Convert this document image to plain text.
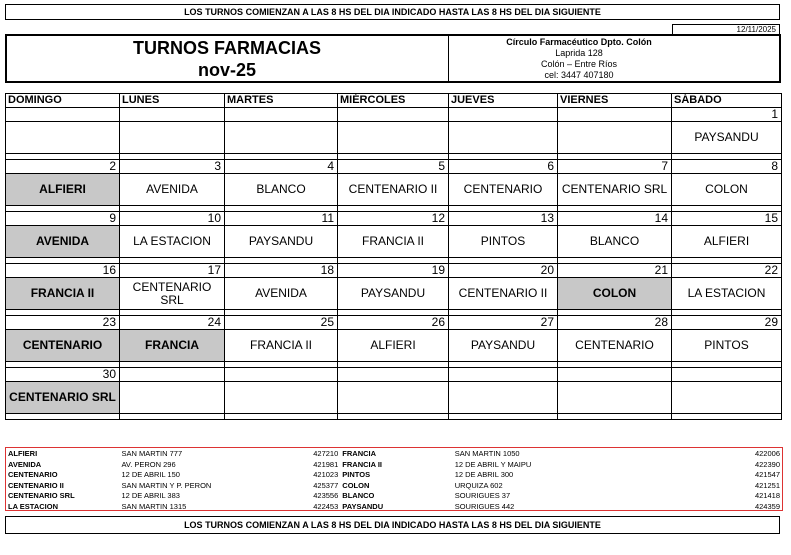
LOS TURNOS COMIENZAN A LAS 8 HS DEL DIA INDICADO HASTA LAS 8 HS DEL DIA SIGUIENTE
12/11/2025
TURNOS FARMACIAS
nov-25
Círculo Farmacéutico Dpto. Colón
Laprida 128
Colón – Entre Ríos
cel: 3447 407180
DOMINGO	LUNES	MARTES	MIÉRCOLES	JUEVES	VIERNES	SÁBADO
						1
						PAYSANDU

2	3	4	5	6	7	8
ALFIERI	AVENIDA	BLANCO	CENTENARIO II	CENTENARIO	CENTENARIO SRL	COLON

9	10	11	12	13	14	15
AVENIDA	LA ESTACION	PAYSANDU	FRANCIA II	PINTOS	BLANCO	ALFIERI

16	17	18	19	20	21	22
FRANCIA II	CENTENARIO SRL	AVENIDA	PAYSANDU	CENTENARIO II	COLON	LA ESTACION

23	24	25	26	27	28	29
CENTENARIO	FRANCIA	FRANCIA II	ALFIERI	PAYSANDU	CENTENARIO	PINTOS

30						
CENTENARIO SRL						

ALFIERI	SAN MARTIN 777	427210	FRANCIA	SAN MARTIN 1050	422006
AVENIDA	AV. PERON 296	421981	FRANCIA II	12 DE ABRIL Y MAIPU	422390
CENTENARIO	12 DE ABRIL 150	421023	PINTOS	12 DE ABRIL 300	421547
CENTENARIO II	SAN MARTIN Y P. PERON	425377	COLON	URQUIZA 602	421251
CENTENARIO SRL	12 DE ABRIL 383	423556	BLANCO	SOURIGUES 37	421418
LA ESTACION	SAN MARTIN 1315	422453	PAYSANDU	SOURIGUES 442	424359
LOS TURNOS COMIENZAN A LAS 8 HS DEL DIA INDICADO HASTA LAS 8 HS DEL DIA SIGUIENTE
